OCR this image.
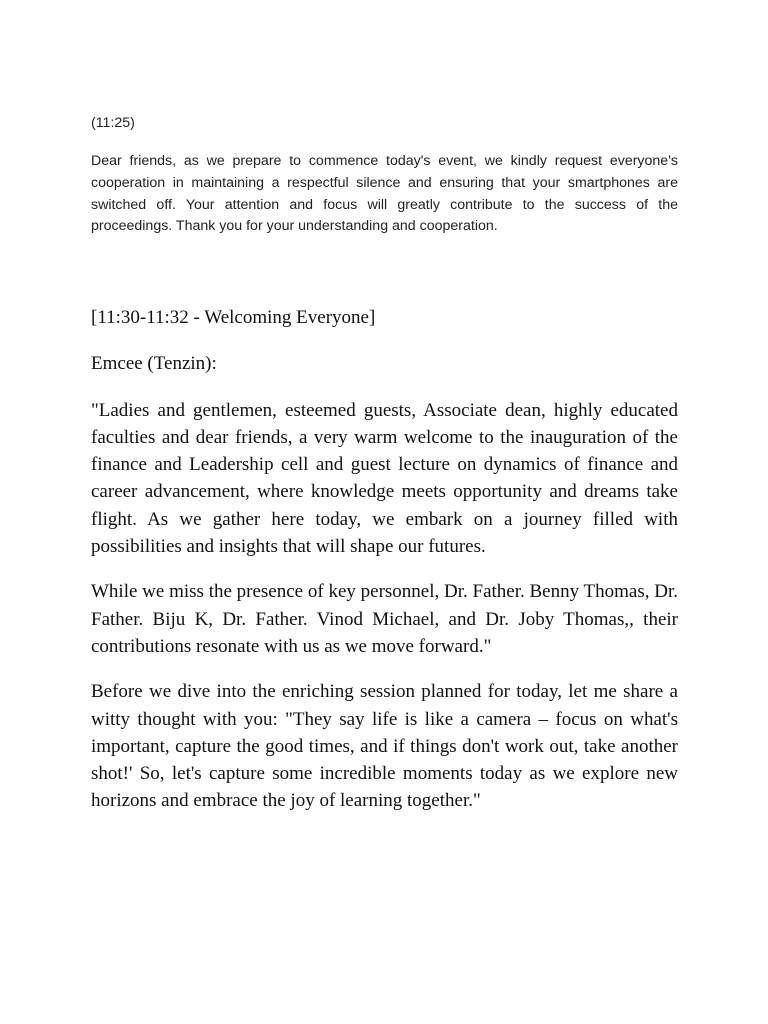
(11:25)
Dear friends, as we prepare to commence today's event, we kindly request everyone's cooperation in maintaining a respectful silence and ensuring that your smartphones are switched off. Your attention and focus will greatly contribute to the success of the proceedings. Thank you for your understanding and cooperation.

[11:30-11:32 - Welcoming Everyone]

Emcee (Tenzin):

"Ladies and gentlemen, esteemed guests, Associate dean, highly educated faculties and dear friends, a very warm welcome to the inauguration of the finance and Leadership cell and guest lecture on dynamics of finance and career advancement, where knowledge meets opportunity and dreams take flight. As we gather here today, we embark on a journey filled with possibilities and insights that will shape our futures.

While we miss the presence of key personnel, Dr. Father. Benny Thomas, Dr. Father. Biju K, Dr. Father. Vinod Michael, and Dr. Joby Thomas,, their contributions resonate with us as we move forward."

Before we dive into the enriching session planned for today, let me share a witty thought with you: "They say life is like a camera – focus on what's important, capture the good times, and if things don't work out, take another shot!' So, let's capture some incredible moments today as we explore new horizons and embrace the joy of learning together."
